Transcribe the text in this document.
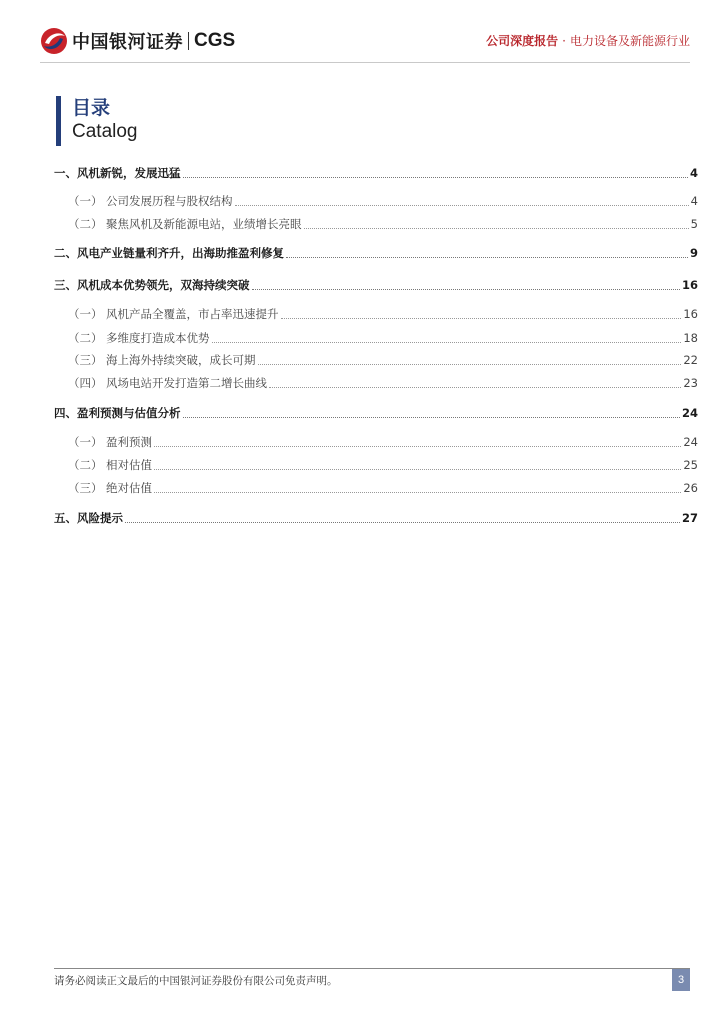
中国银河证券 CGS	公司深度报告 · 电力设备及新能源行业
目录
Catalog
一、 风机新锐，发展迅猛	4
（一） 公司发展历程与股权结构	4
（二） 聚焦风机及新能源电站，业绩增长亮眼	5
二、 风电产业链量利齐升，出海助推盈利修复	9
三、 风机成本优势领先，双海持续突破	16
（一） 风机产品全覆盖，市占率迅速提升	16
（二） 多维度打造成本优势	18
（三） 海上海外持续突破，成长可期	22
（四） 风场电站开发打造第二增长曲线	23
四、 盈利预测与估值分析	24
（一） 盈利预测	24
（二） 相对估值	25
（三） 绝对估值	26
五、 风险提示	27
请务必阅读正文最后的中国银河证券股份有限公司免责声明。	3
